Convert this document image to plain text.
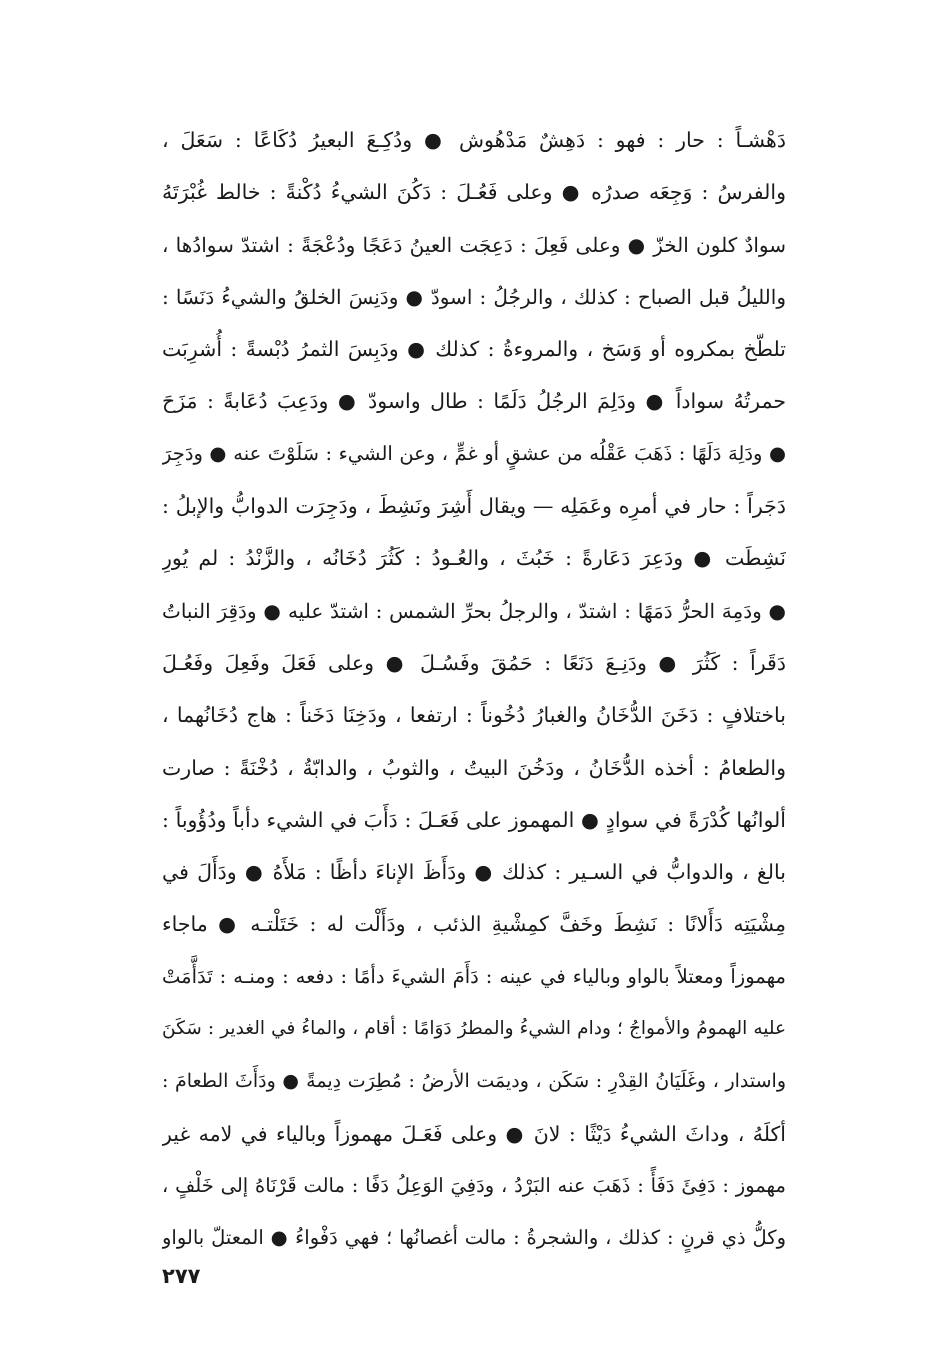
دَهْشـاً : حار : فهو : دَهِشٌ مَدْهُوش ● ودُكِـعَ البعيرُ دُكَاعًا : سَعَلَ ،
والفرسُ : وَجِعَه صدرُه ● وعلى فَعُـلَ : دَكُنَ الشيءُ دُكْنةً : خالط غُبْرَتَهُ
سوادٌ كلون الخزّ ● وعلى فَعِلَ : دَعِجَت العينُ دَعَجًا ودُعْجَةً : اشتدّ سوادُها ،
والليلُ قبل الصباح : كذلك ، والرجُلُ : اسودّ ● ودَنِسَ الخلقُ والشيءُ دَنَسًا :
تلطّخ بمكروه أو وَسَخ ، والمروءةُ : كذلك ● ودَبِسَ الثمرُ دُبْسةً : أُشرِبَت
حمرتُهُ سواداً ● ودَلِمَ الرجُلُ دَلَمًا : طال واسودّ ● ودَعِبَ دُعَابةً : مَزَحَ
● ودَلِهَ دَلَهًا : ذَهَبَ عَقْلُه من عشقٍ أو غمٍّ ، وعن الشيء : سَلَوْتَ عنه ● ودَجِرَ
دَجَراً : حار في أمرِه وعَمَلِه — ويقال أَشِرَ ونَشِطَ ، ودَجِرَت الدوابُّ والإبلُ :
نَشِطَت ● ودَعِرَ دَعَارةً : خَبُثَ ، والعُـودُ : كَثُرَ دُخَانُه ، والزَّنْدُ : لم يُورِ
● ودَمِهَ الحرُّ دَمَهًا : اشتدّ ، والرجلُ بحرِّ الشمس : اشتدّ عليه ● ودَقِرَ النباتُ
دَقَراً : كَثُرَ ● ودَنِـعَ دَنَعًا : حَمُقَ وفَسُـلَ ● وعلى فَعَلَ وفَعِلَ وفَعُـلَ
باختلافٍ : دَخَنَ الدُّخَانُ والغبارُ دُخُوناً : ارتفعا ، ودَخِنَا دَخَناً : هاج دُخَانُهما ،
والطعامُ : أخذه الدُّخَانُ ، ودَخُنَ البيتُ ، والثوبُ ، والدابّةُ ، دُخْنَةً : صارت
ألوانُها كُدْرَةً في سوادٍ ● المهموز على فَعَـلَ : دَأَبَ في الشيء دأباً ودُؤُوباً :
بالغ ، والدوابُّ في السـير : كذلك ● ودَأَظَ الإناءَ دأظًا : مَلأَهُ ● ودَأَلَ في
مِشْيَتِه دَأَلانًا : نَشِطَ وخَفَّ كمِشْيةِ الذئب ، ودَأَلْت له : خَتَلْتـه ● ماجاء
مهموزاً ومعتلاً بالواو وبالياء في عينه : دَأَمَ الشيءَ دأمًا : دفعه : ومنـه : تَدَأَّمَتْ
عليه الهمومُ والأمواجُ ؛ ودام الشيءُ والمطرُ دَوَامًا : أقام ، والماءُ في الغدير : سَكَنَ
واستدار ، وغَلَيَانُ القِدْرِ : سَكَن ، وديمَت الأرضُ : مُطِرَت دِيمةً ● ودَأَثَ الطعامَ :
أكلَهُ ، وداثَ الشيءُ دَيْثًا : لانَ ● وعلى فَعَـلَ مهموزاً وبالياء في لامه غير
مهموز : دَفِئَ دَفَأً : ذَهَبَ عنه البَرْدُ ، ودَفِيَ الوَعِلُ دَفًا : مالت قَرْنَاهُ إلى خَلْفٍ ،
وكلُّ ذي قرنٍ : كذلك ، والشجرةُ : مالت أغصانُها ؛ فهي دَفْواءُ ● المعتلّ بالواو
٢٧٧
